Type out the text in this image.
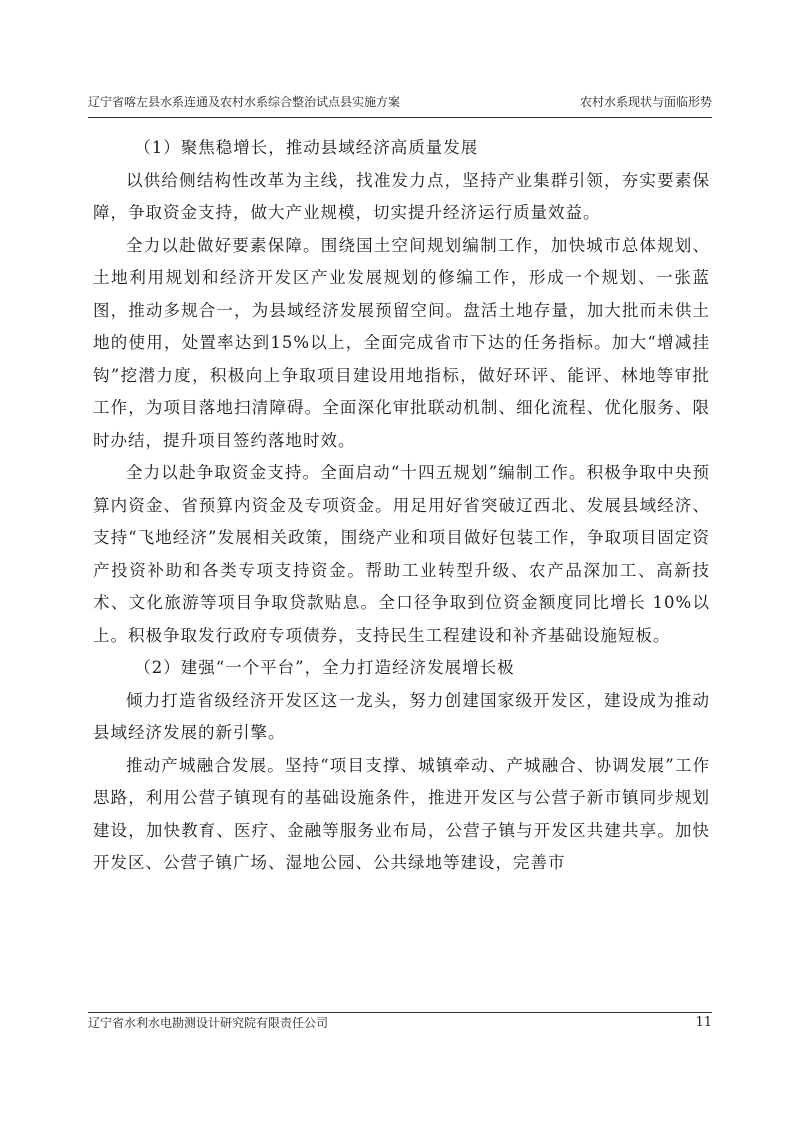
辽宁省喀左县水系连通及农村水系综合整治试点县实施方案	农村水系现状与面临形势

（1）聚焦稳增长，推动县域经济高质量发展

以供给侧结构性改革为主线，找准发力点，坚持产业集群引领，夯实要素保障，争取资金支持，做大产业规模，切实提升经济运行质量效益。

全力以赴做好要素保障。围绕国土空间规划编制工作，加快城市总体规划、土地利用规划和经济开发区产业发展规划的修编工作，形成一个规划、一张蓝图，推动多规合一，为县域经济发展预留空间。盘活土地存量，加大批而未供土地的使用，处置率达到15%以上，全面完成省市下达的任务指标。加大“增减挂钩”挖潜力度，积极向上争取项目建设用地指标，做好环评、能评、林地等审批工作，为项目落地扫清障碍。全面深化审批联动机制、细化流程、优化服务、限时办结，提升项目签约落地时效。

全力以赴争取资金支持。全面启动“十四五规划”编制工作。积极争取中央预算内资金、省预算内资金及专项资金。用足用好省突破辽西北、发展县域经济、支持“飞地经济”发展相关政策，围绕产业和项目做好包装工作，争取项目固定资产投资补助和各类专项支持资金。帮助工业转型升级、农产品深加工、高新技术、文化旅游等项目争取贷款贴息。全口径争取到位资金额度同比增长 10%以上。积极争取发行政府专项债券，支持民生工程建设和补齐基础设施短板。

（2）建强“一个平台”，全力打造经济发展增长极

倾力打造省级经济开发区这一龙头，努力创建国家级开发区，建设成为推动县域经济发展的新引擎。

推动产城融合发展。坚持“项目支撑、城镇牵动、产城融合、协调发展”工作思路，利用公营子镇现有的基础设施条件，推进开发区与公营子新市镇同步规划建设，加快教育、医疗、金融等服务业布局，公营子镇与开发区共建共享。加快开发区、公营子镇广场、湿地公园、公共绿地等建设，完善市

辽宁省水利水电勘测设计研究院有限责任公司	11
